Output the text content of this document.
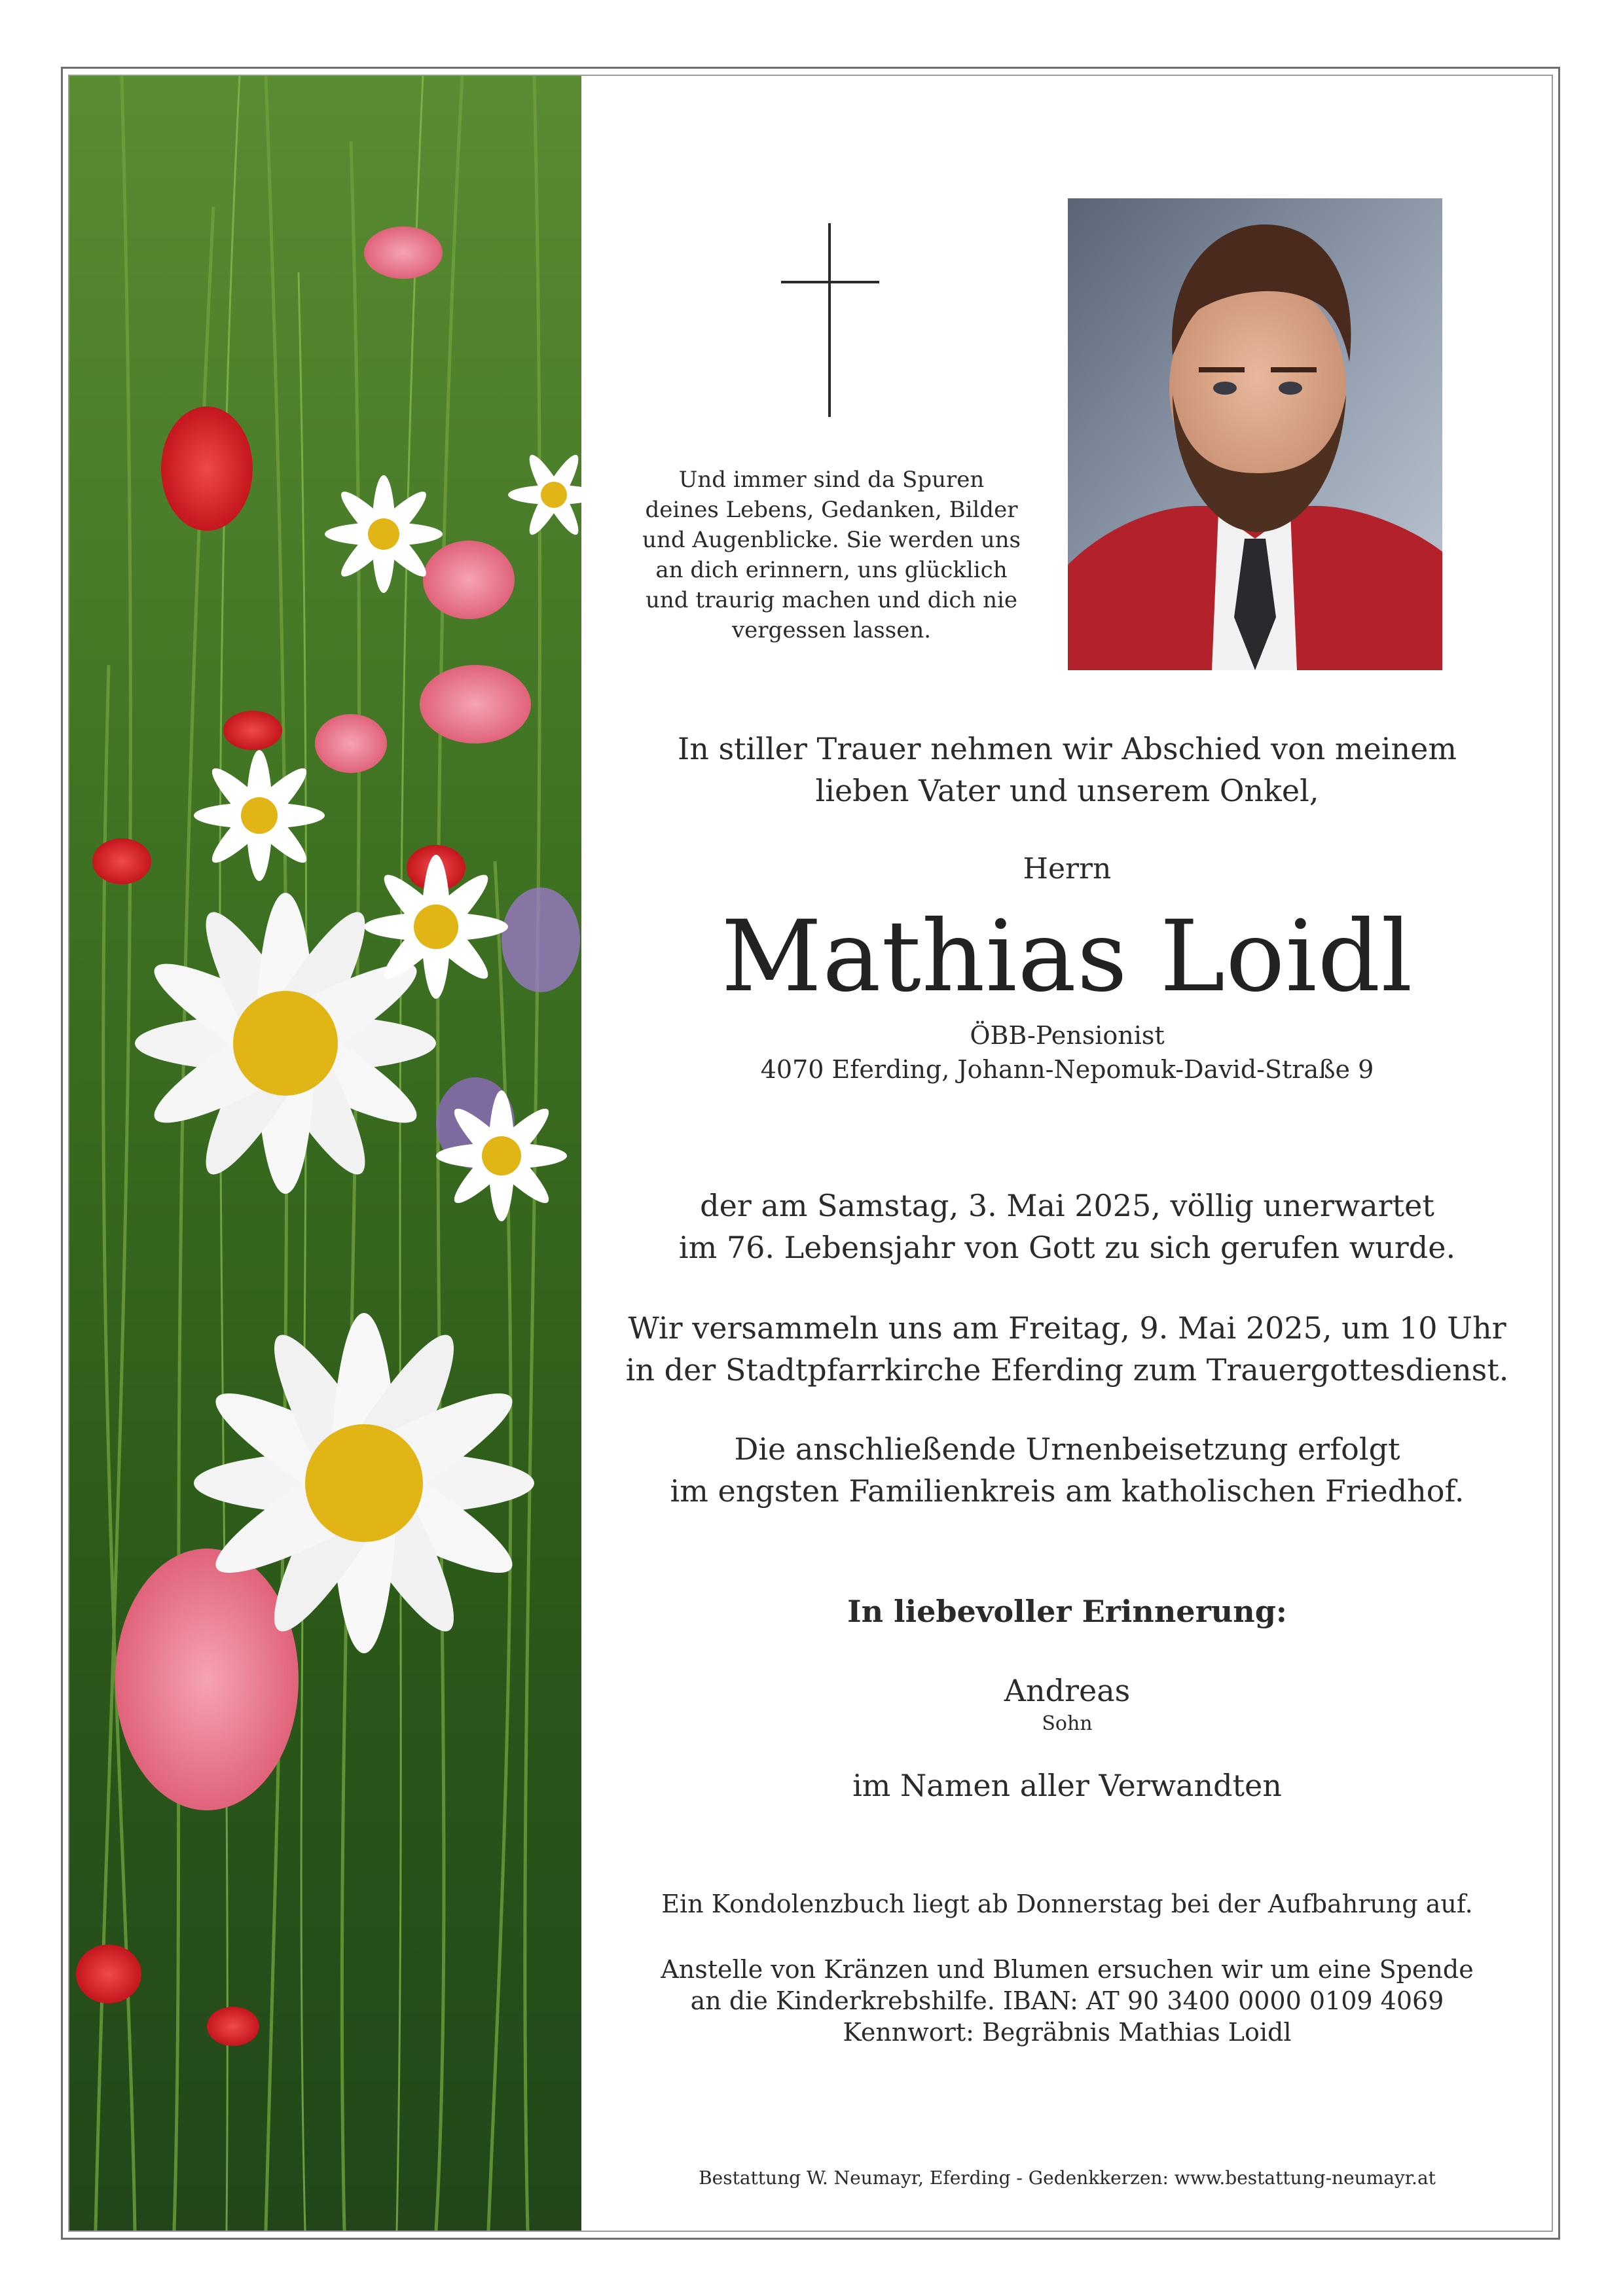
Und immer sind da Spuren
deines Lebens, Gedanken, Bilder
und Augenblicke. Sie werden uns
an dich erinnern, uns glücklich
und traurig machen und dich nie
vergessen lassen.
In stiller Trauer nehmen wir Abschied von meinem
lieben Vater und unserem Onkel,
Herrn
Mathias Loidl
ÖBB-Pensionist
4070 Eferding, Johann-Nepomuk-David-Straße 9
der am Samstag, 3. Mai 2025, völlig unerwartet
im 76. Lebensjahr von Gott zu sich gerufen wurde.
Wir versammeln uns am Freitag, 9. Mai 2025, um 10 Uhr
in der Stadtpfarrkirche Eferding zum Trauergottesdienst.
Die anschließende Urnenbeisetzung erfolgt
im engsten Familienkreis am katholischen Friedhof.
In liebevoller Erinnerung:
Andreas
Sohn
im Namen aller Verwandten
Ein Kondolenzbuch liegt ab Donnerstag bei der Aufbahrung auf.
Anstelle von Kränzen und Blumen ersuchen wir um eine Spende
an die Kinderkrebshilfe. IBAN: AT 90 3400 0000 0109 4069
Kennwort: Begräbnis Mathias Loidl
Bestattung W. Neumayr, Eferding - Gedenkkerzen: www.bestattung-neumayr.at
